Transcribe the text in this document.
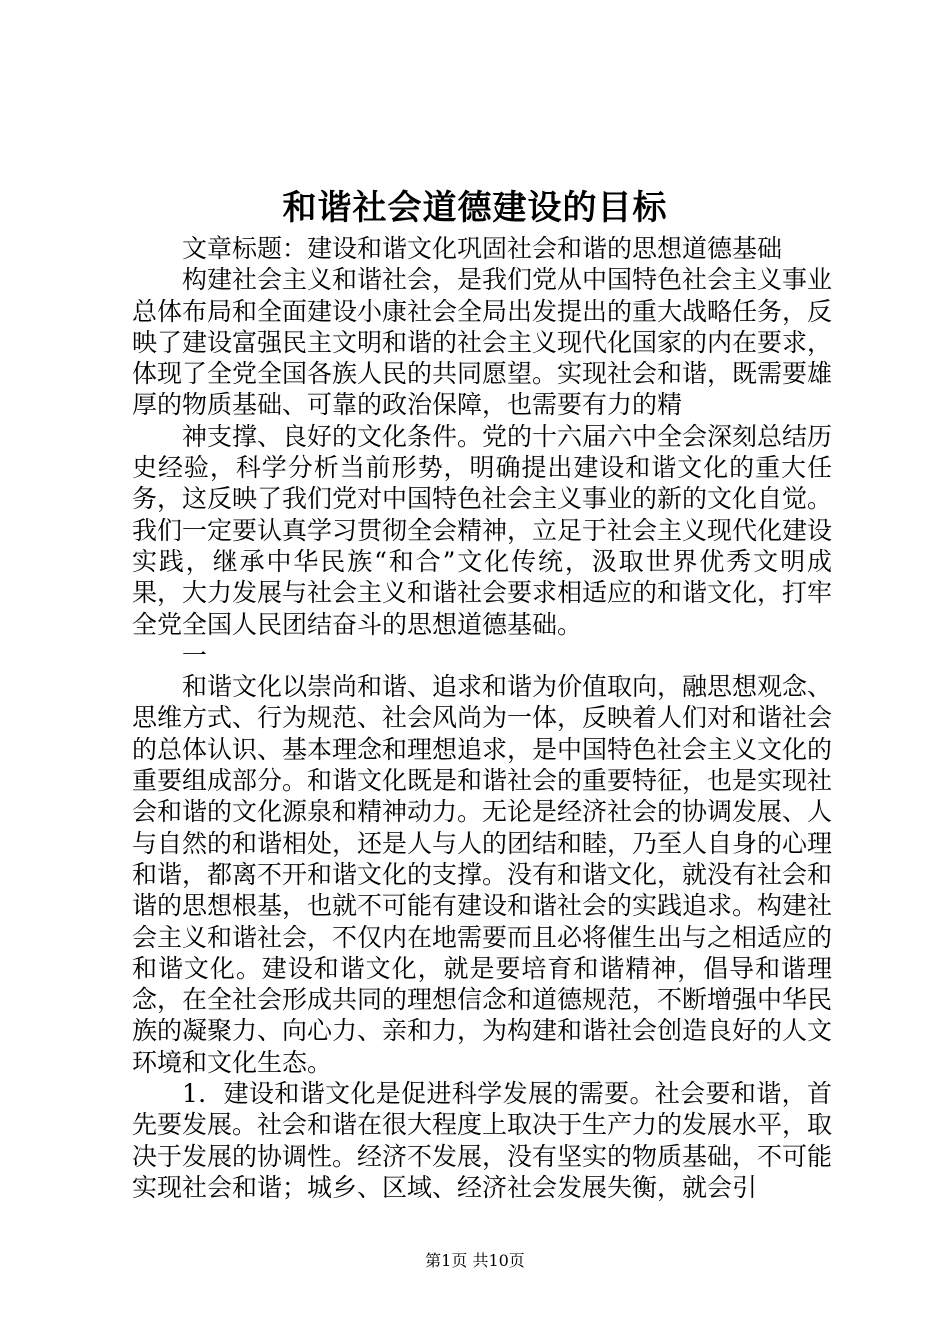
和谐社会道德建设的目标

文章标题：建设和谐文化巩固社会和谐的思想道德基础

构建社会主义和谐社会，是我们党从中国特色社会主义事业总体布局和全面建设小康社会全局出发提出的重大战略任务，反映了建设富强民主文明和谐的社会主义现代化国家的内在要求，体现了全党全国各族人民的共同愿望。实现社会和谐，既需要雄厚的物质基础、可靠的政治保障，也需要有力的精

神支撑、良好的文化条件。党的十六届六中全会深刻总结历史经验，科学分析当前形势，明确提出建设和谐文化的重大任务，这反映了我们党对中国特色社会主义事业的新的文化自觉。我们一定要认真学习贯彻全会精神，立足于社会主义现代化建设实践，继承中华民族“和合”文化传统，汲取世界优秀文明成果，大力发展与社会主义和谐社会要求相适应的和谐文化，打牢全党全国人民团结奋斗的思想道德基础。

一

和谐文化以崇尚和谐、追求和谐为价值取向，融思想观念、思维方式、行为规范、社会风尚为一体，反映着人们对和谐社会的总体认识、基本理念和理想追求，是中国特色社会主义文化的重要组成部分。和谐文化既是和谐社会的重要特征，也是实现社会和谐的文化源泉和精神动力。无论是经济社会的协调发展、人与自然的和谐相处，还是人与人的团结和睦，乃至人自身的心理和谐，都离不开和谐文化的支撑。没有和谐文化，就没有社会和谐的思想根基，也就不可能有建设和谐社会的实践追求。构建社会主义和谐社会，不仅内在地需要而且必将催生出与之相适应的和谐文化。建设和谐文化，就是要培育和谐精神，倡导和谐理念，在全社会形成共同的理想信念和道德规范，不断增强中华民族的凝聚力、向心力、亲和力，为构建和谐社会创造良好的人文环境和文化生态。

1．建设和谐文化是促进科学发展的需要。社会要和谐，首先要发展。社会和谐在很大程度上取决于生产力的发展水平，取决于发展的协调性。经济不发展，没有坚实的物质基础，不可能实现社会和谐；城乡、区域、经济社会发展失衡，就会引

第1页 共10页
